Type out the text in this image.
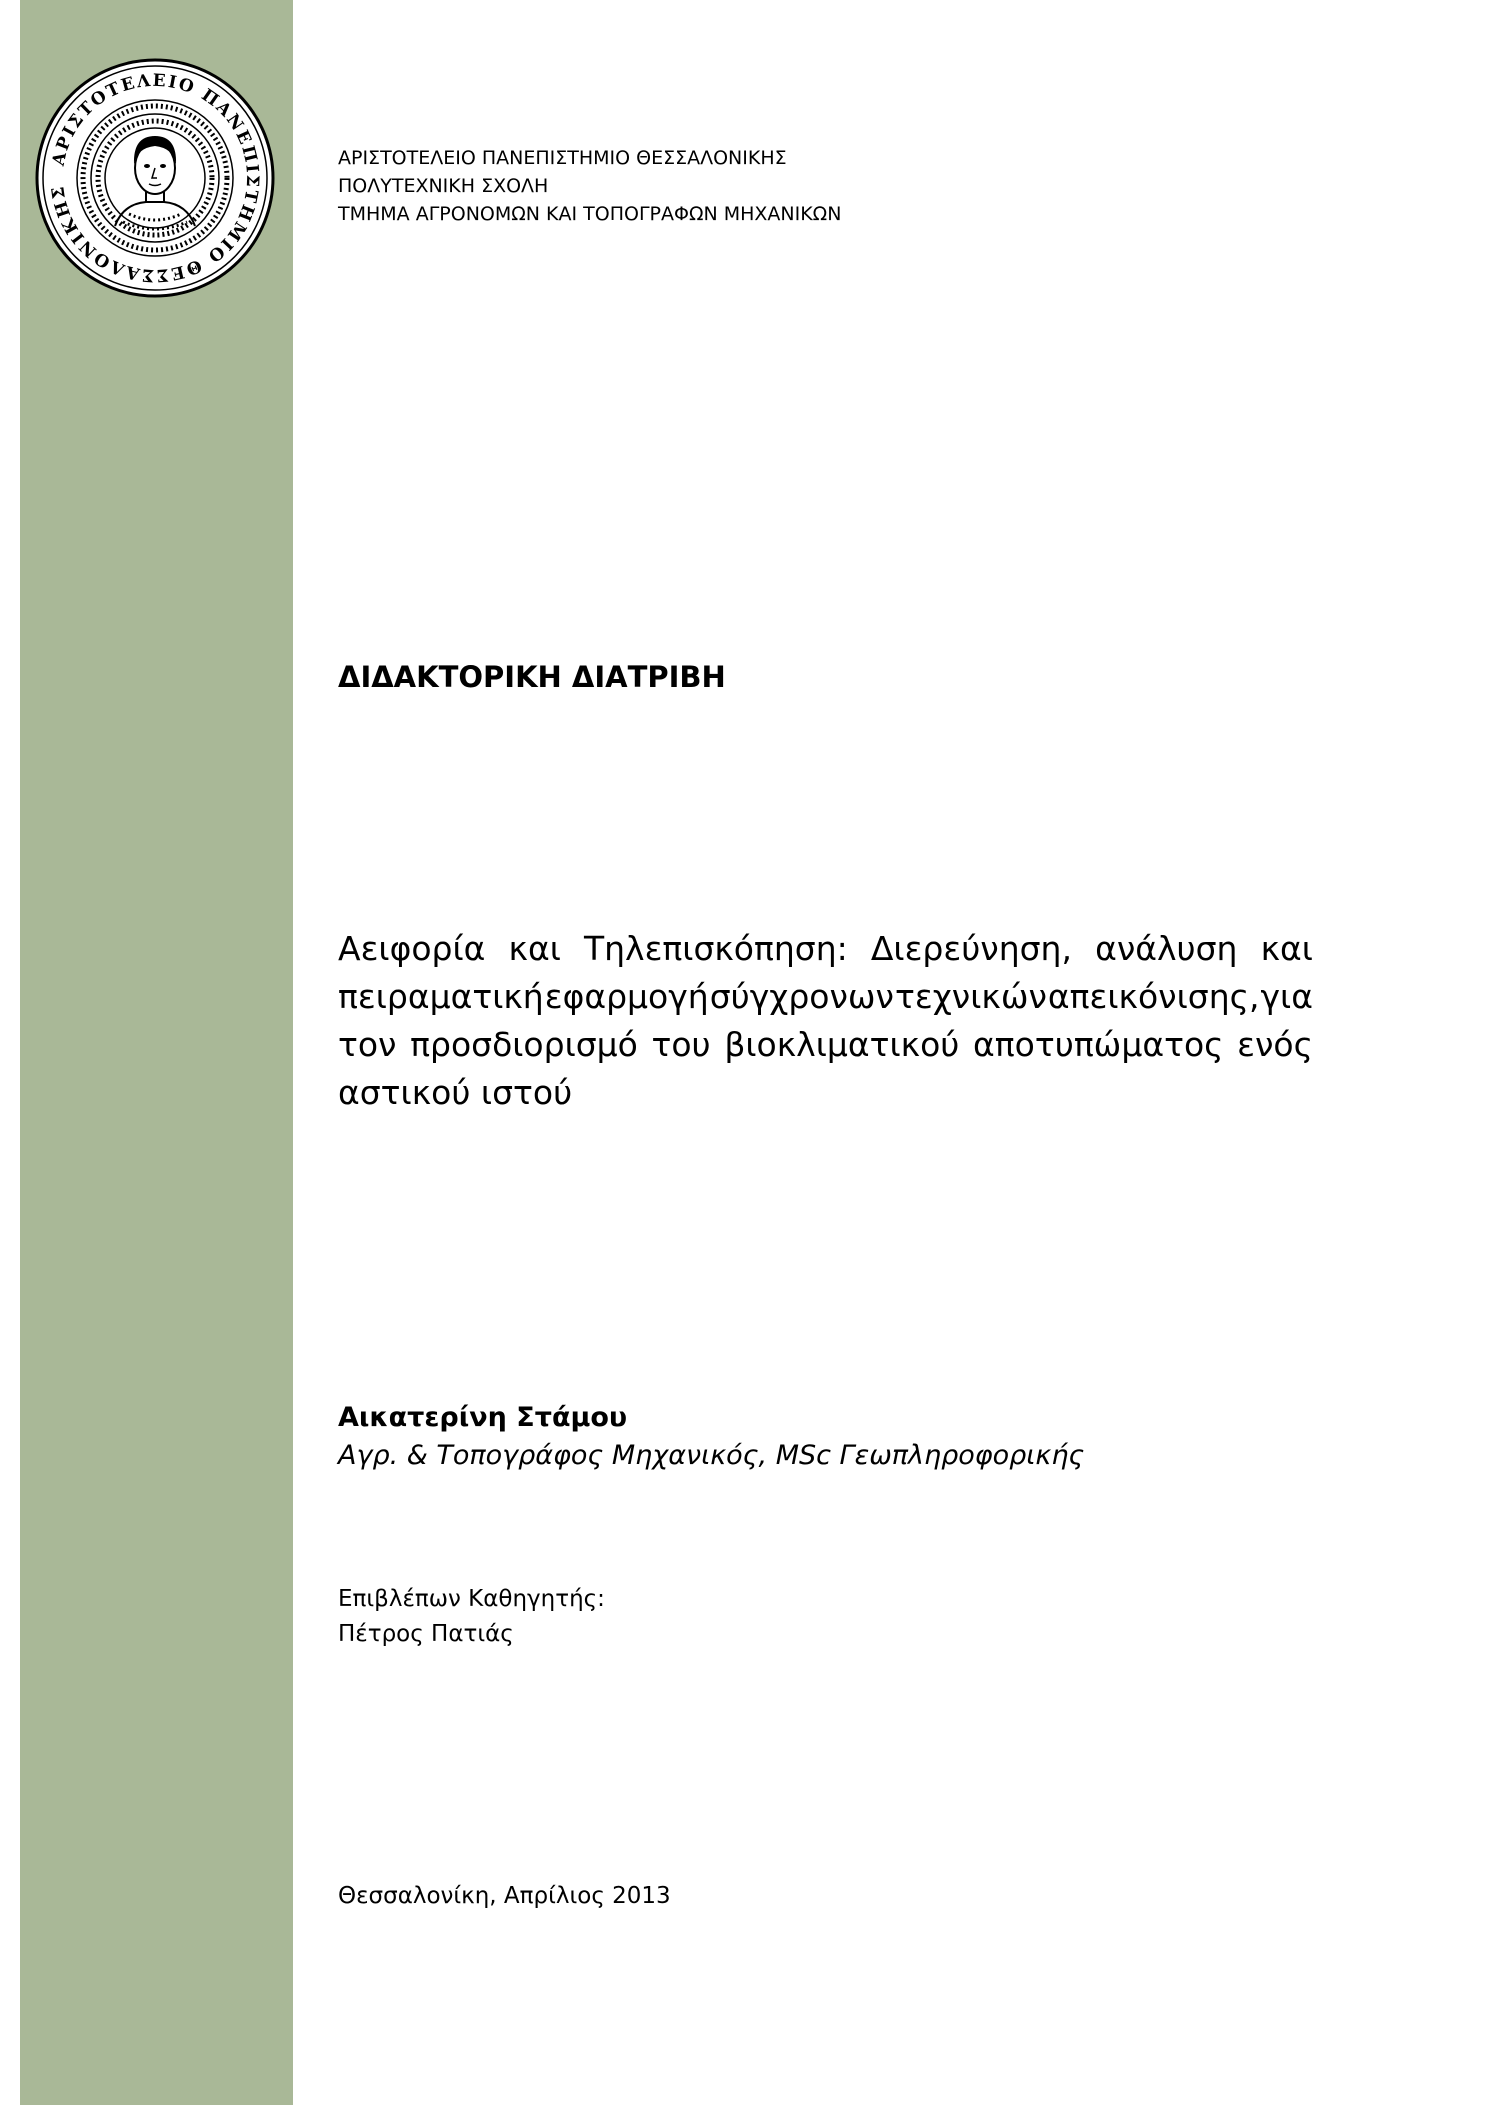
ΑΡΙΣΤΟΤΕΛΕΙΟ ΠΑΝΕΠΙΣΤΗΜΙΟ ΘΕΣΣΑΛΟΝΙΚΗΣ
ΑΡΙΣΤΟΤΕΛΕΙΟ ΠΑΝΕΠΙΣΤΗΜΙΟ ΘΕΣΣΑΛΟΝΙΚΗΣ
ΠΟΛΥΤΕΧΝΙΚΗ ΣΧΟΛΗ
ΤΜΗΜΑ ΑΓΡΟΝΟΜΩΝ ΚΑΙ ΤΟΠΟΓΡΑΦΩΝ ΜΗΧΑΝΙΚΩΝ
ΔΙΔΑΚΤΟΡΙΚΗ ΔΙΑΤΡΙΒΗ
Αειφορία και Τηλεπισκόπηση: Διερεύνηση, ανάλυση και
πειραματική εφαρμογή σύγχρονων τεχνικών απεικόνισης, για
τον προσδιορισμό του βιοκλιματικού αποτυπώματος ενός
αστικού ιστού
Αικατερίνη Στάμου
Αγρ. & Τοπογράφος Μηχανικός, MSc Γεωπληροφορικής
Επιβλέπων Καθηγητής:
Πέτρος Πατιάς
Θεσσαλονίκη, Απρίλιος 2013
